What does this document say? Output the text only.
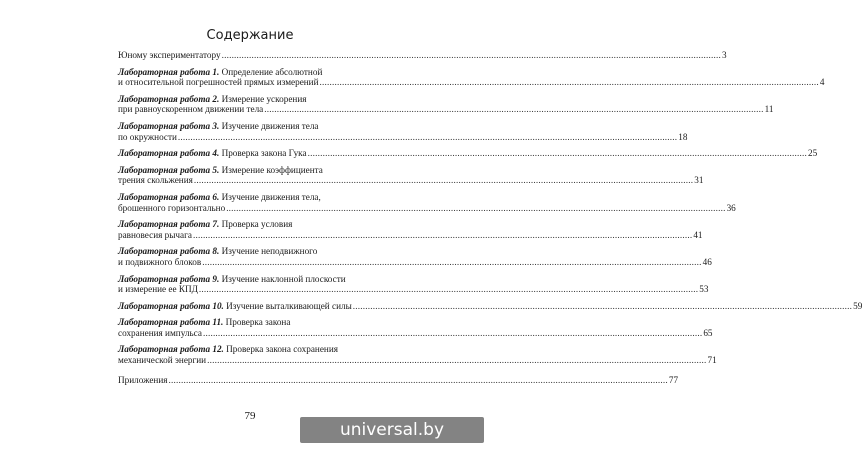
Содержание
Юному экспериментатору ........................................................................................................................................................................................................ 3
Лабораторная работа 1. Определение абсолютной
и относительной погрешностей прямых измерений ........................................................................................................................................................................................................ 4
Лабораторная работа 2. Измерение ускорения
при равноускоренном движении тела ........................................................................................................................................................................................................ 11
Лабораторная работа 3. Изучение движения тела
по окружности ........................................................................................................................................................................................................ 18
Лабораторная работа 4. Проверка закона Гука ........................................................................................................................................................................................................ 25
Лабораторная работа 5. Измерение коэффициента
трения скольжения ........................................................................................................................................................................................................ 31
Лабораторная работа 6. Изучение движения тела,
брошенного горизонтально ........................................................................................................................................................................................................ 36
Лабораторная работа 7. Проверка условия
равновесия рычага ........................................................................................................................................................................................................ 41
Лабораторная работа 8. Изучение неподвижного
и подвижного блоков ........................................................................................................................................................................................................ 46
Лабораторная работа 9. Изучение наклонной плоскости
и измерение ее КПД ........................................................................................................................................................................................................ 53
Лабораторная работа 10. Изучение выталкивающей силы ........................................................................................................................................................................................................ 59
Лабораторная работа 11. Проверка закона
сохранения импульса ........................................................................................................................................................................................................ 65
Лабораторная работа 12. Проверка закона сохранения
механической энергии ........................................................................................................................................................................................................ 71
Приложения ........................................................................................................................................................................................................ 77
79
universal.by
